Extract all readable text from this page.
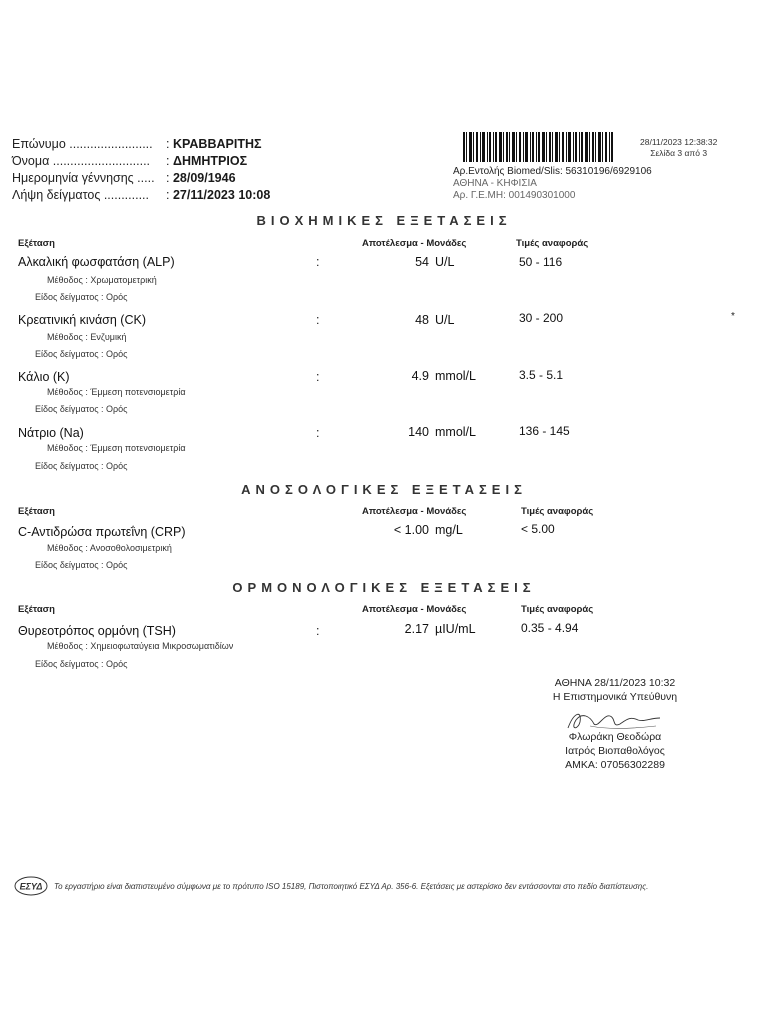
Επώνυμο ........................	:
ΚΡΑΒΒΑΡΙΤΗΣ
Όνομα ............................	:
ΔΗΜΗΤΡΙΟΣ
Ημερομηνία γέννησης ..... :
28/09/1946
Λήψη δείγματος .............	:
27/11/2023 10:08
28/11/2023 12:38:32
Σελίδα 3 από 3
Αρ.Εντολής Biomed/Slis: 56310196/6929106
ΑΘΗΝΑ - ΚΗΦΙΣΙΑ
Αρ. Γ.Ε.ΜΗ: 001490301000
ΒΙΟΧΗΜΙΚΕΣ ΕΞΕΤΑΣΕΙΣ
Εξέταση	Αποτέλεσμα - Μονάδες	Τιμές αναφοράς
Αλκαλική φωσφατάση (ALP)	:	54 U/L	50 - 116
Μέθοδος : Χρωματομετρική
Είδος δείγματος : Ορός
Κρεατινική κινάση (CK)	:	48 U/L	30 - 200
Μέθοδος : Ενζυμική
Είδος δείγματος : Ορός
*
Κάλιο (K)	:	4.9 mmol/L	3.5 - 5.1
Μέθοδος : Έμμεση ποτενσιομετρία
Είδος δείγματος : Ορός
Νάτριο (Na)	:	140 mmol/L	136 - 145
Μέθοδος : Έμμεση ποτενσιομετρία
Είδος δείγματος : Ορός
ΑΝΟΣΟΛΟΓΙΚΕΣ ΕΞΕΤΑΣΕΙΣ
Εξέταση	Αποτέλεσμα - Μονάδες	Τιμές αναφοράς
C-Αντιδρώσα πρωτεΐνη (CRP)	< 1.00 mg/L	< 5.00
Μέθοδος : Ανοσοθολοσιμετρική
Είδος δείγματος : Ορός
ΟΡΜΟΝΟΛΟΓΙΚΕΣ ΕΞΕΤΑΣΕΙΣ
Εξέταση	Αποτέλεσμα - Μονάδες	Τιμές αναφοράς
Θυρεοτρόπος ορμόνη (TSH)	:	2.17 µIU/mL	0.35 - 4.94
Μέθοδος : Χημειοφωταύγεια Μικροσωματιδίων
Είδος δείγματος : Ορός
ΑΘΗΝΑ 28/11/2023 10:32
Η Επιστημονικά Υπεύθυνη
Φλωράκη Θεοδώρα
Ιατρός Βιοπαθολόγος
ΑΜΚΑ: 07056302289
ΕΣΥΔ Το εργαστήριο είναι διαπιστευμένο σύμφωνα με το πρότυπο ISO 15189, Πιστοποιητικό ΕΣΥΔ Αρ. 356-6. Εξετάσεις με αστερίσκο δεν εντάσσονται στο πεδίο διαπίστευσης.
